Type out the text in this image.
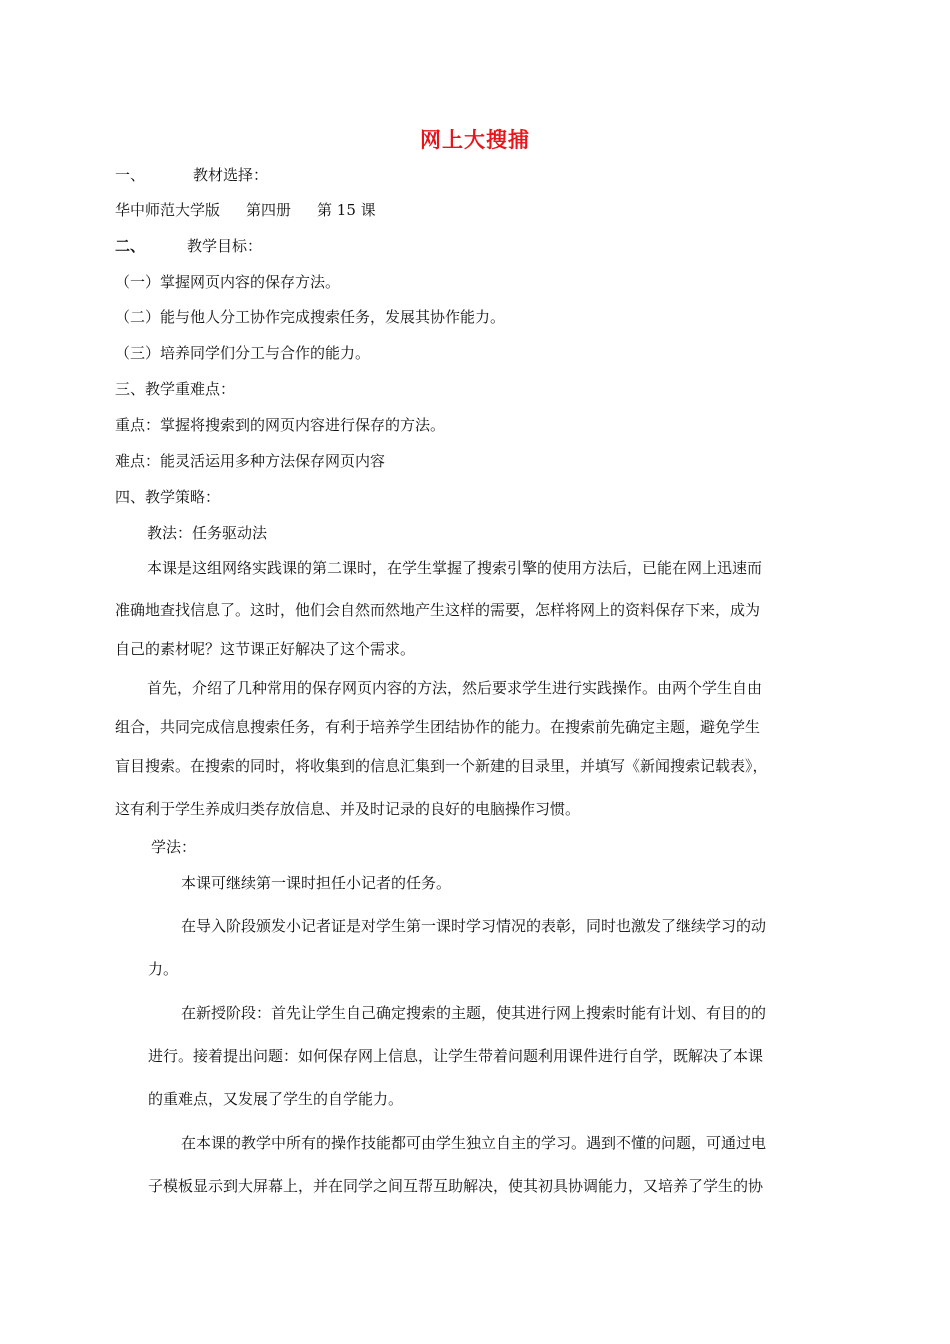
网上大搜捕
一、	教材选择：
华中师范大学版 第四册 第 15 课
二、	教学目标：
（一）掌握网页内容的保存方法。
（二）能与他人分工协作完成搜索任务，发展其协作能力。
（三）培养同学们分工与合作的能力。
三、教学重难点：
重点：掌握将搜索到的网页内容进行保存的方法。
难点：能灵活运用多种方法保存网页内容
四、教学策略：
教法：任务驱动法
本课是这组网络实践课的第二课时，在学生掌握了搜索引擎的使用方法后，已能在网上迅速而
准确地查找信息了。这时，他们会自然而然地产生这样的需要，怎样将网上的资料保存下来，成为
自己的素材呢？这节课正好解决了这个需求。
首先，介绍了几种常用的保存网页内容的方法，然后要求学生进行实践操作。由两个学生自由
组合，共同完成信息搜索任务，有利于培养学生团结协作的能力。在搜索前先确定主题，避免学生
盲目搜索。在搜索的同时，将收集到的信息汇集到一个新建的目录里，并填写《新闻搜索记载表》，
这有利于学生养成归类存放信息、并及时记录的良好的电脑操作习惯。
学法：
本课可继续第一课时担任小记者的任务。
在导入阶段颁发小记者证是对学生第一课时学习情况的表彰，同时也激发了继续学习的动
力。
在新授阶段：首先让学生自己确定搜索的主题，使其进行网上搜索时能有计划、有目的的
进行。接着提出问题：如何保存网上信息，让学生带着问题利用课件进行自学，既解决了本课
的重难点，又发展了学生的自学能力。
在本课的教学中所有的操作技能都可由学生独立自主的学习。遇到不懂的问题，可通过电
子模板显示到大屏幕上，并在同学之间互帮互助解决，使其初具协调能力，又培养了学生的协
